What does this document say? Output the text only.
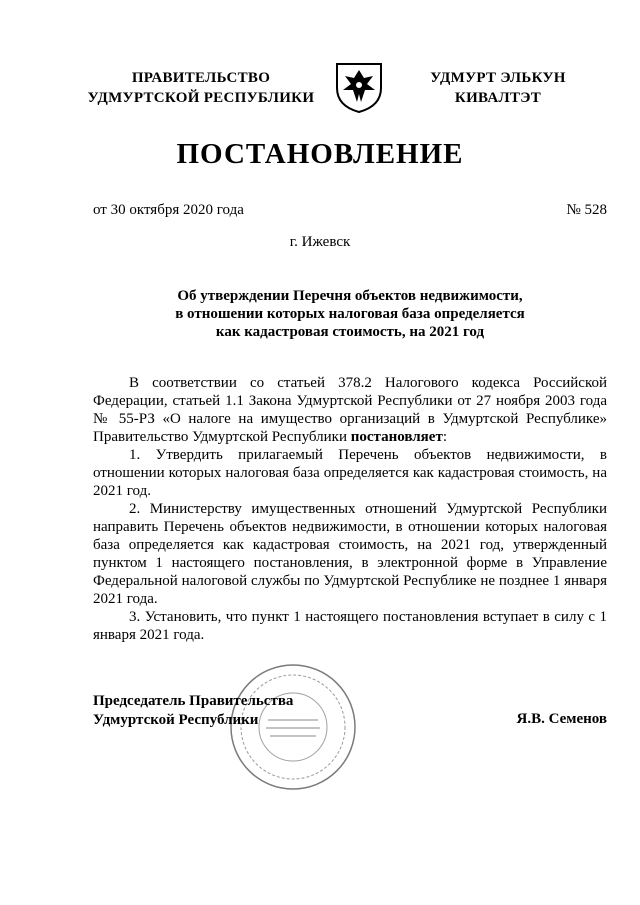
ПРАВИТЕЛЬСТВО
УДМУРТСКОЙ РЕСПУБЛИКИ
УДМУРТ ЭЛЬКУН
КИВАЛТЭТ
ПОСТАНОВЛЕНИЕ
от 30 октября 2020 года	№ 528
г. Ижевск
Об утверждении Перечня объектов недвижимости,
в отношении которых налоговая база определяется
как кадастровая стоимость, на 2021 год

В соответствии со статьей 378.2 Налогового кодекса Российской Федерации, статьей 1.1 Закона Удмуртской Республики от 27 ноября 2003 года № 55-РЗ «О налоге на имущество организаций в Удмуртской Республике» Правительство Удмуртской Республики постановляет:

1. Утвердить прилагаемый Перечень объектов недвижимости, в отношении которых налоговая база определяется как кадастровая стоимость, на 2021 год.

2. Министерству имущественных отношений Удмуртской Республики направить Перечень объектов недвижимости, в отношении которых налоговая база определяется как кадастровая стоимость, на 2021 год, утвержденный пунктом 1 настоящего постановления, в электронной форме в Управление Федеральной налоговой службы по Удмуртской Республике не позднее 1 января 2021 года.

3. Установить, что пункт 1 настоящего постановления вступает в силу с 1 января 2021 года.

Председатель Правительства
Удмуртской Республики	Я.В. Семенов
